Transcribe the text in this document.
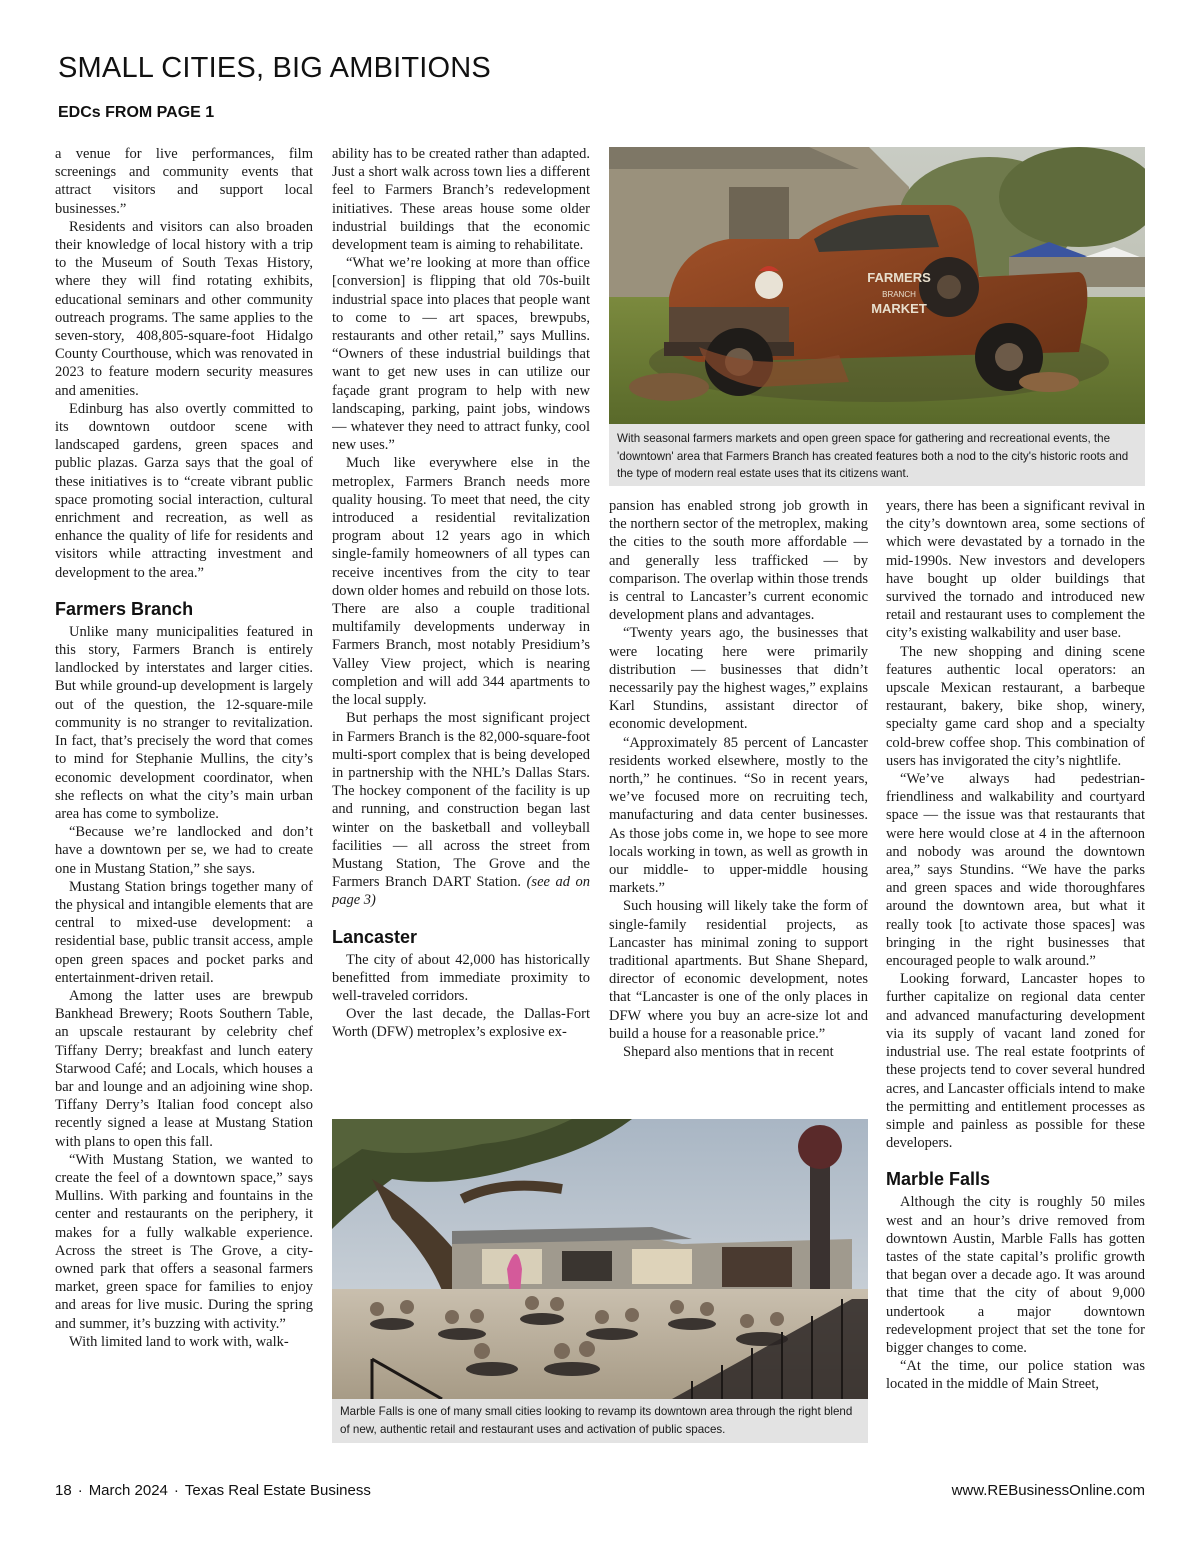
SMALL CITIES, BIG AMBITIONS
EDCs FROM PAGE 1

a venue for live performances, film screenings and community events that attract visitors and support local businesses.”

Residents and visitors can also broaden their knowledge of local history with a trip to the Museum of South Texas History, where they will find rotating exhibits, educational seminars and other community outreach programs. The same applies to the seven-story, 408,805-square-foot Hidalgo County Courthouse, which was renovated in 2023 to feature modern security measures and amenities.

Edinburg has also overtly committed to its downtown outdoor scene with landscaped gardens, green spaces and public plazas. Garza says that the goal of these initiatives is to “create vibrant public space promoting social interaction, cultural enrichment and recreation, as well as enhance the quality of life for residents and visitors while attracting investment and development to the area.”

Farmers Branch

Unlike many municipalities featured in this story, Farmers Branch is entirely landlocked by interstates and larger cities. But while ground-up development is largely out of the question, the 12-square-mile community is no stranger to revitalization. In fact, that’s precisely the word that comes to mind for Stephanie Mullins, the city’s economic development coordinator, when she reflects on what the city’s main urban area has come to symbolize.

“Because we’re landlocked and don’t have a downtown per se, we had to create one in Mustang Station,” she says.

Mustang Station brings together many of the physical and intangible elements that are central to mixed-use development: a residential base, public transit access, ample open green spaces and pocket parks and entertainment-driven retail.

Among the latter uses are brewpub Bankhead Brewery; Roots Southern Table, an upscale restaurant by celebrity chef Tiffany Derry; breakfast and lunch eatery Starwood Café; and Locals, which houses a bar and lounge and an adjoining wine shop. Tiffany Derry’s Italian food concept also recently signed a lease at Mustang Station with plans to open this fall.

“With Mustang Station, we wanted to create the feel of a downtown space,” says Mullins. With parking and fountains in the center and restaurants on the periphery, it makes for a fully walkable experience. Across the street is The Grove, a city-owned park that offers a seasonal farmers market, green space for families to enjoy and areas for live music. During the spring and summer, it’s buzzing with activity.”

With limited land to work with, walk-

ability has to be created rather than adapted. Just a short walk across town lies a different feel to Farmers Branch’s redevelopment initiatives. These areas house some older industrial buildings that the economic development team is aiming to rehabilitate.

“What we’re looking at more than office [conversion] is flipping that old 70s-built industrial space into places that people want to come to — art spaces, brewpubs, restaurants and other retail,” says Mullins. “Owners of these industrial buildings that want to get new uses in can utilize our façade grant program to help with new landscaping, parking, paint jobs, windows — whatever they need to attract funky, cool new uses.”

Much like everywhere else in the metroplex, Farmers Branch needs more quality housing. To meet that need, the city introduced a residential revitalization program about 12 years ago in which single-family homeowners of all types can receive incentives from the city to tear down older homes and rebuild on those lots. There are also a couple traditional multifamily developments underway in Farmers Branch, most notably Presidium’s Valley View project, which is nearing completion and will add 344 apartments to the local supply.

But perhaps the most significant project in Farmers Branch is the 82,000-square-foot multi-sport complex that is being developed in partnership with the NHL’s Dallas Stars. The hockey component of the facility is up and running, and construction began last winter on the basketball and volleyball facilities — all across the street from Mustang Station, The Grove and the Farmers Branch DART Station. (see ad on page 3)

Lancaster

The city of about 42,000 has historically benefitted from immediate proximity to well-traveled corridors.

Over the last decade, the Dallas-Fort Worth (DFW) metroplex’s explosive ex-

FARMERS
BRANCH
MARKET
With seasonal farmers markets and open green space for gathering and recreational events, the 'downtown' area that Farmers Branch has created features both a nod to the city's historic roots and the type of modern real estate uses that its citizens want.

pansion has enabled strong job growth in the northern sector of the metroplex, making the cities to the south more affordable — and generally less trafficked — by comparison. The overlap within those trends is central to Lancaster’s current economic development plans and advantages.

“Twenty years ago, the businesses that were locating here were primarily distribution — businesses that didn’t necessarily pay the highest wages,” explains Karl Stundins, assistant director of economic development.

“Approximately 85 percent of Lancaster residents worked elsewhere, mostly to the north,” he continues. “So in recent years, we’ve focused more on recruiting tech, manufacturing and data center businesses. As those jobs come in, we hope to see more locals working in town, as well as growth in our middle- to upper-middle housing markets.”

Such housing will likely take the form of single-family residential projects, as Lancaster has minimal zoning to support traditional apartments. But Shane Shepard, director of economic development, notes that “Lancaster is one of the only places in DFW where you buy an acre-size lot and build a house for a reasonable price.”

Shepard also mentions that in recent

years, there has been a significant revival in the city’s downtown area, some sections of which were devastated by a tornado in the mid-1990s. New investors and developers have bought up older buildings that survived the tornado and introduced new retail and restaurant uses to complement the city’s existing walkability and user base.

The new shopping and dining scene features authentic local operators: an upscale Mexican restaurant, a barbeque restaurant, bakery, bike shop, winery, specialty game card shop and a specialty cold-brew coffee shop. This combination of users has invigorated the city’s nightlife.

“We’ve always had pedestrian-friendliness and walkability and courtyard space — the issue was that restaurants that were here would close at 4 in the afternoon and nobody was around the downtown area,” says Stundins. “We have the parks and green spaces and wide thoroughfares around the downtown area, but what it really took [to activate those spaces] was bringing in the right businesses that encouraged people to walk around.”

Looking forward, Lancaster hopes to further capitalize on regional data center and advanced manufacturing development via its supply of vacant land zoned for industrial use. The real estate footprints of these projects tend to cover several hundred acres, and Lancaster officials intend to make the permitting and entitlement processes as simple and painless as possible for these developers.

Marble Falls

Although the city is roughly 50 miles west and an hour’s drive removed from downtown Austin, Marble Falls has gotten tastes of the state capital’s prolific growth that began over a decade ago. It was around that time that the city of about 9,000 undertook a major downtown redevelopment project that set the tone for bigger changes to come.

“At the time, our police station was located in the middle of Main Street,

Marble Falls is one of many small cities looking to revamp its downtown area through the right blend of new, authentic retail and restaurant uses and activation of public spaces.
18 · March 2024 · Texas Real Estate Business	www.REBusinessOnline.com
